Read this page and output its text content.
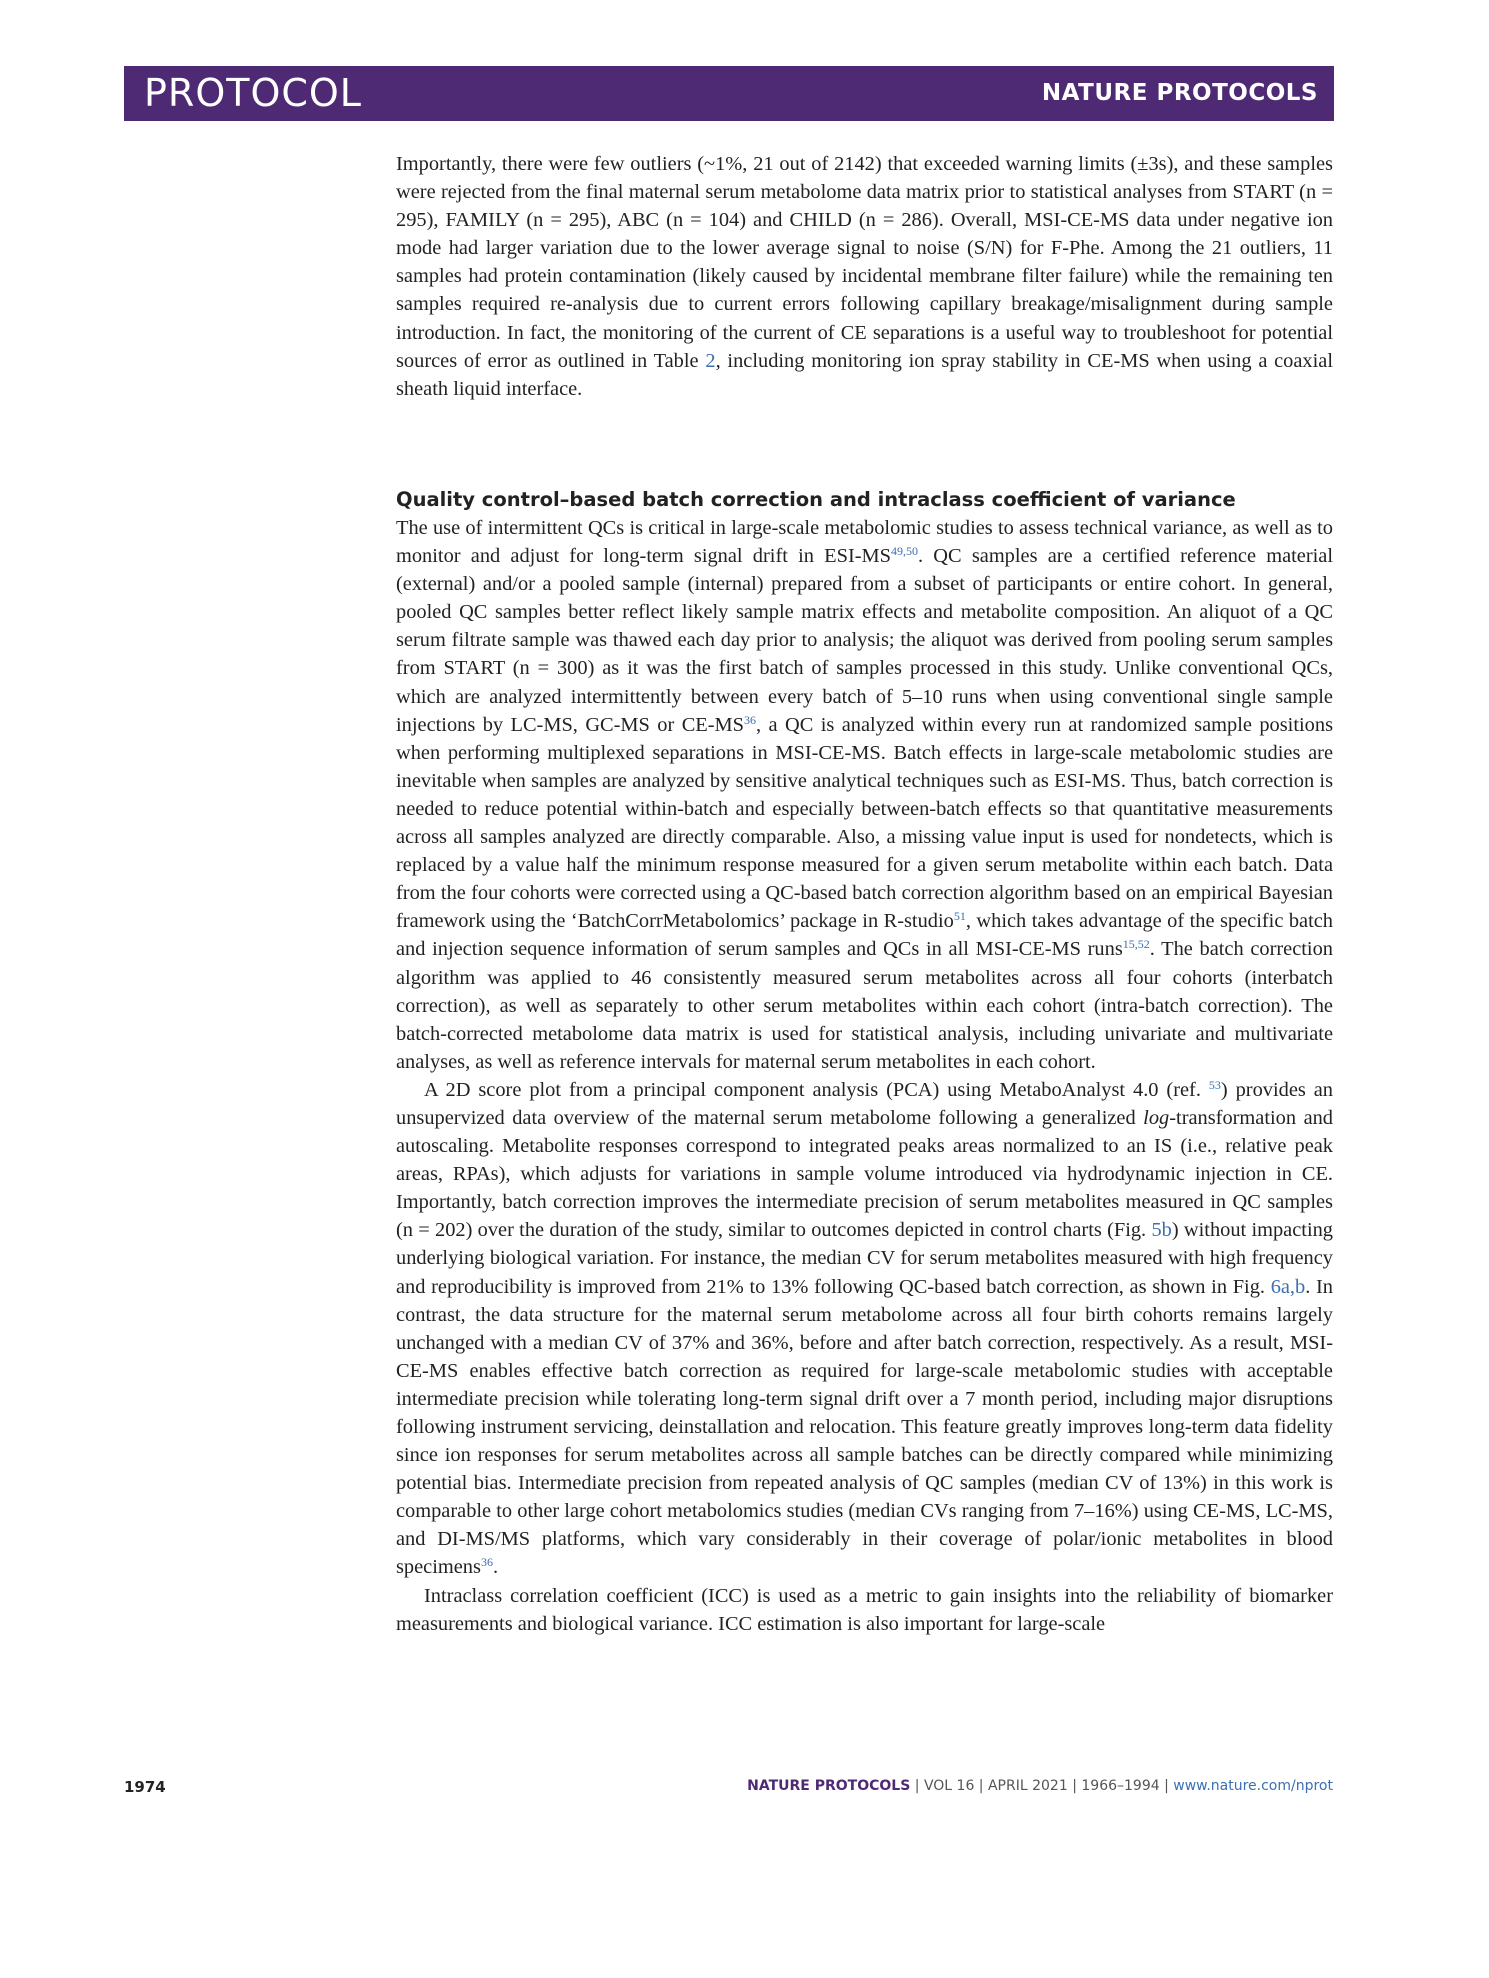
PROTOCOL	NATURE PROTOCOLS

Importantly, there were few outliers (~1%, 21 out of 2142) that exceeded warning limits (±3s), and these samples were rejected from the final maternal serum metabolome data matrix prior to statistical analyses from START (n = 295), FAMILY (n = 295), ABC (n = 104) and CHILD (n = 286). Overall, MSI-CE-MS data under negative ion mode had larger variation due to the lower average signal to noise (S/N) for F-Phe. Among the 21 outliers, 11 samples had protein contamination (likely caused by incidental membrane filter failure) while the remaining ten samples required re-analysis due to current errors following capillary breakage/misalignment during sample introduction. In fact, the monitoring of the current of CE separations is a useful way to troubleshoot for potential sources of error as outlined in Table 2, including monitoring ion spray stability in CE-MS when using a coaxial sheath liquid interface.

Quality control–based batch correction and intraclass coefficient of variance

The use of intermittent QCs is critical in large-scale metabolomic studies to assess technical variance, as well as to monitor and adjust for long-term signal drift in ESI-MS$^{49,50}$. QC samples are a certified reference material (external) and/or a pooled sample (internal) prepared from a subset of participants or entire cohort. In general, pooled QC samples better reflect likely sample matrix effects and metabolite composition. An aliquot of a QC serum filtrate sample was thawed each day prior to analysis; the aliquot was derived from pooling serum samples from START (n = 300) as it was the first batch of samples processed in this study. Unlike conventional QCs, which are analyzed intermittently between every batch of 5–10 runs when using conventional single sample injections by LC-MS, GC-MS or CE-MS$^{36}$, a QC is analyzed within every run at randomized sample positions when performing multiplexed separations in MSI-CE-MS. Batch effects in large-scale metabolomic studies are inevitable when samples are analyzed by sensitive analytical techniques such as ESI-MS. Thus, batch correction is needed to reduce potential within-batch and especially between-batch effects so that quantitative measurements across all samples analyzed are directly comparable. Also, a missing value input is used for nondetects, which is replaced by a value half the minimum response measured for a given serum metabolite within each batch. Data from the four cohorts were corrected using a QC-based batch correction algorithm based on an empirical Bayesian framework using the ‘BatchCorrMetabolomics’ package in R-studio$^{51}$, which takes advantage of the specific batch and injection sequence information of serum samples and QCs in all MSI-CE-MS runs$^{15,52}$. The batch correction algorithm was applied to 46 consistently measured serum metabolites across all four cohorts (interbatch correction), as well as separately to other serum metabolites within each cohort (intra-batch correction). The batch-corrected metabolome data matrix is used for statistical analysis, including univariate and multivariate analyses, as well as reference intervals for maternal serum metabolites in each cohort.

A 2D score plot from a principal component analysis (PCA) using MetaboAnalyst 4.0 (ref. $^{53}$) provides an unsupervized data overview of the maternal serum metabolome following a generalized log-transformation and autoscaling. Metabolite responses correspond to integrated peaks areas normalized to an IS (i.e., relative peak areas, RPAs), which adjusts for variations in sample volume introduced via hydrodynamic injection in CE. Importantly, batch correction improves the intermediate precision of serum metabolites measured in QC samples (n = 202) over the duration of the study, similar to outcomes depicted in control charts (Fig. 5b) without impacting underlying biological variation. For instance, the median CV for serum metabolites measured with high frequency and reproducibility is improved from 21% to 13% following QC-based batch correction, as shown in Fig. 6a,b. In contrast, the data structure for the maternal serum metabolome across all four birth cohorts remains largely unchanged with a median CV of 37% and 36%, before and after batch correction, respectively. As a result, MSI-CE-MS enables effective batch correction as required for large-scale metabolomic studies with acceptable intermediate precision while tolerating long-term signal drift over a 7 month period, including major disruptions following instrument servicing, deinstallation and relocation. This feature greatly improves long-term data fidelity since ion responses for serum metabolites across all sample batches can be directly compared while minimizing potential bias. Intermediate precision from repeated analysis of QC samples (median CV of 13%) in this work is comparable to other large cohort metabolomics studies (median CVs ranging from 7–16%) using CE-MS, LC-MS, and DI-MS/MS platforms, which vary considerably in their coverage of polar/ionic metabolites in blood specimens$^{36}$.

Intraclass correlation coefficient (ICC) is used as a metric to gain insights into the reliability of biomarker measurements and biological variance. ICC estimation is also important for large-scale

1974	NATURE PROTOCOLS | VOL 16 | APRIL 2021 | 1966–1994 | www.nature.com/nprot
